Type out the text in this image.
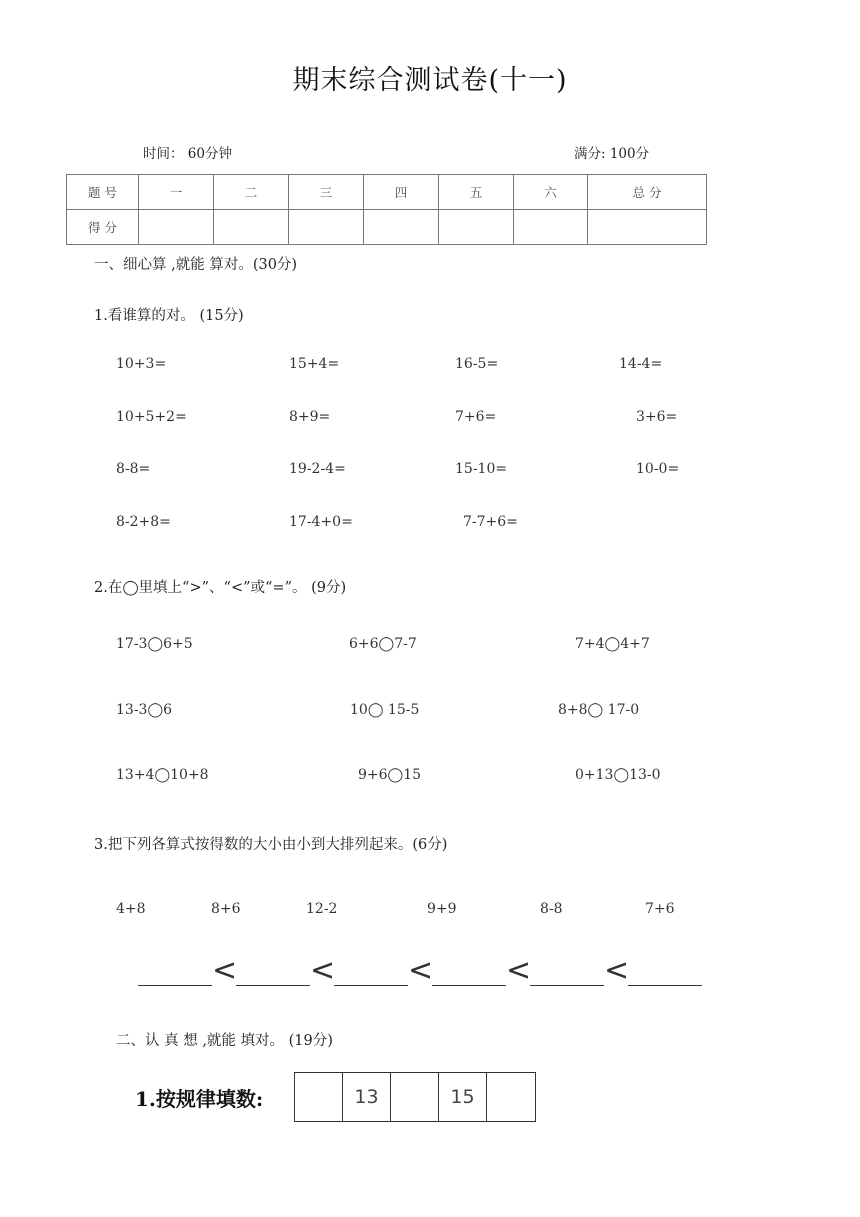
期末综合测试卷(十一)
时间： 60分钟	满分: 100分
题 号	一	二	三	四	五	六	总 分
得 分							
一、细心算 ,就能 算对。(30分)
1.看谁算的对。 (15分)
10+3=	15+4=	16-5=	14-4=
10+5+2=	8+9=	7+6=	3+6=
8-8=	19-2-4=	15-10=	10-0=
8-2+8=	17-4+0=	7-7+6=
2.在◯里填上“>”、“<”或“=”。 (9分)
17-3◯6+5	6+6◯7-7	7+4◯4+7
13-3◯6	10◯ 15-5	8+8◯ 17-0
13+4◯10+8	9+6◯15	0+13◯13-0
3.把下列各算式按得数的大小由小到大排列起来。(6分)
4+8	8+6	12-2	9+9	8-8	7+6
< < < < <
二、认 真 想 ,就能 填对。 (19分)
1.按规律填数:	13	15
